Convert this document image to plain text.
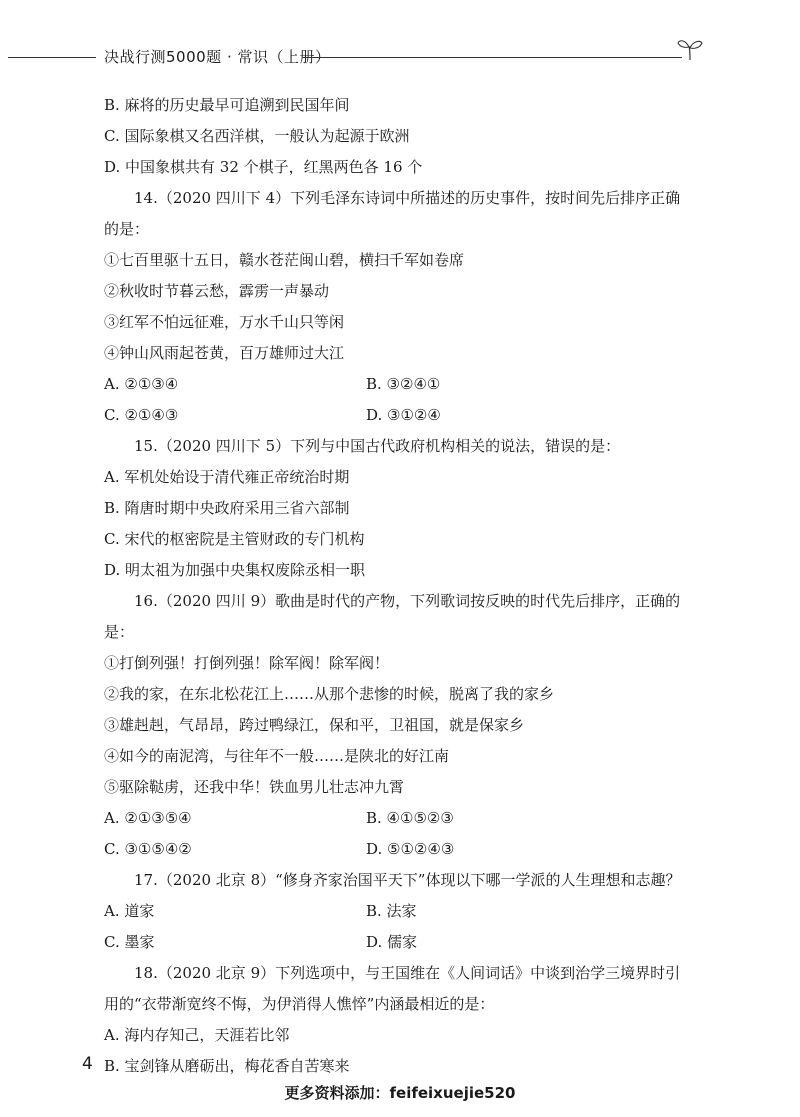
决战行测5000题 · 常识（上册）
B. 麻将的历史最早可追溯到民国年间
C. 国际象棋又名西洋棋，一般认为起源于欧洲
D. 中国象棋共有 32 个棋子，红黑两色各 16 个
14.（2020 四川下 4）下列毛泽东诗词中所描述的历史事件，按时间先后排序正确的是：
①七百里驱十五日，赣水苍茫闽山碧，横扫千军如卷席
②秋收时节暮云愁，霹雳一声暴动
③红军不怕远征难，万水千山只等闲
④钟山风雨起苍黄，百万雄师过大江
A. ②①③④	B. ③②④①
C. ②①④③	D. ③①②④
15.（2020 四川下 5）下列与中国古代政府机构相关的说法，错误的是：
A. 军机处始设于清代雍正帝统治时期
B. 隋唐时期中央政府采用三省六部制
C. 宋代的枢密院是主管财政的专门机构
D. 明太祖为加强中央集权废除丞相一职
16.（2020 四川 9）歌曲是时代的产物，下列歌词按反映的时代先后排序，正确的是：
①打倒列强！打倒列强！除军阀！除军阀！
②我的家，在东北松花江上……从那个悲惨的时候，脱离了我的家乡
③雄赳赳，气昂昂，跨过鸭绿江，保和平，卫祖国，就是保家乡
④如今的南泥湾，与往年不一般……是陕北的好江南
⑤驱除鞑虏，还我中华！铁血男儿壮志冲九霄
A. ②①③⑤④	B. ④①⑤②③
C. ③①⑤④②	D. ⑤①②④③
17.（2020 北京 8）“修身齐家治国平天下”体现以下哪一学派的人生理想和志趣？
A. 道家	B. 法家
C. 墨家	D. 儒家
18.（2020 北京 9）下列选项中，与王国维在《人间词话》中谈到治学三境界时引用的“衣带渐宽终不悔，为伊消得人憔悴”内涵最相近的是：
A. 海内存知己，天涯若比邻
B. 宝剑锋从磨砺出，梅花香自苦寒来
4
更多资料添加：feifeixuejie520
